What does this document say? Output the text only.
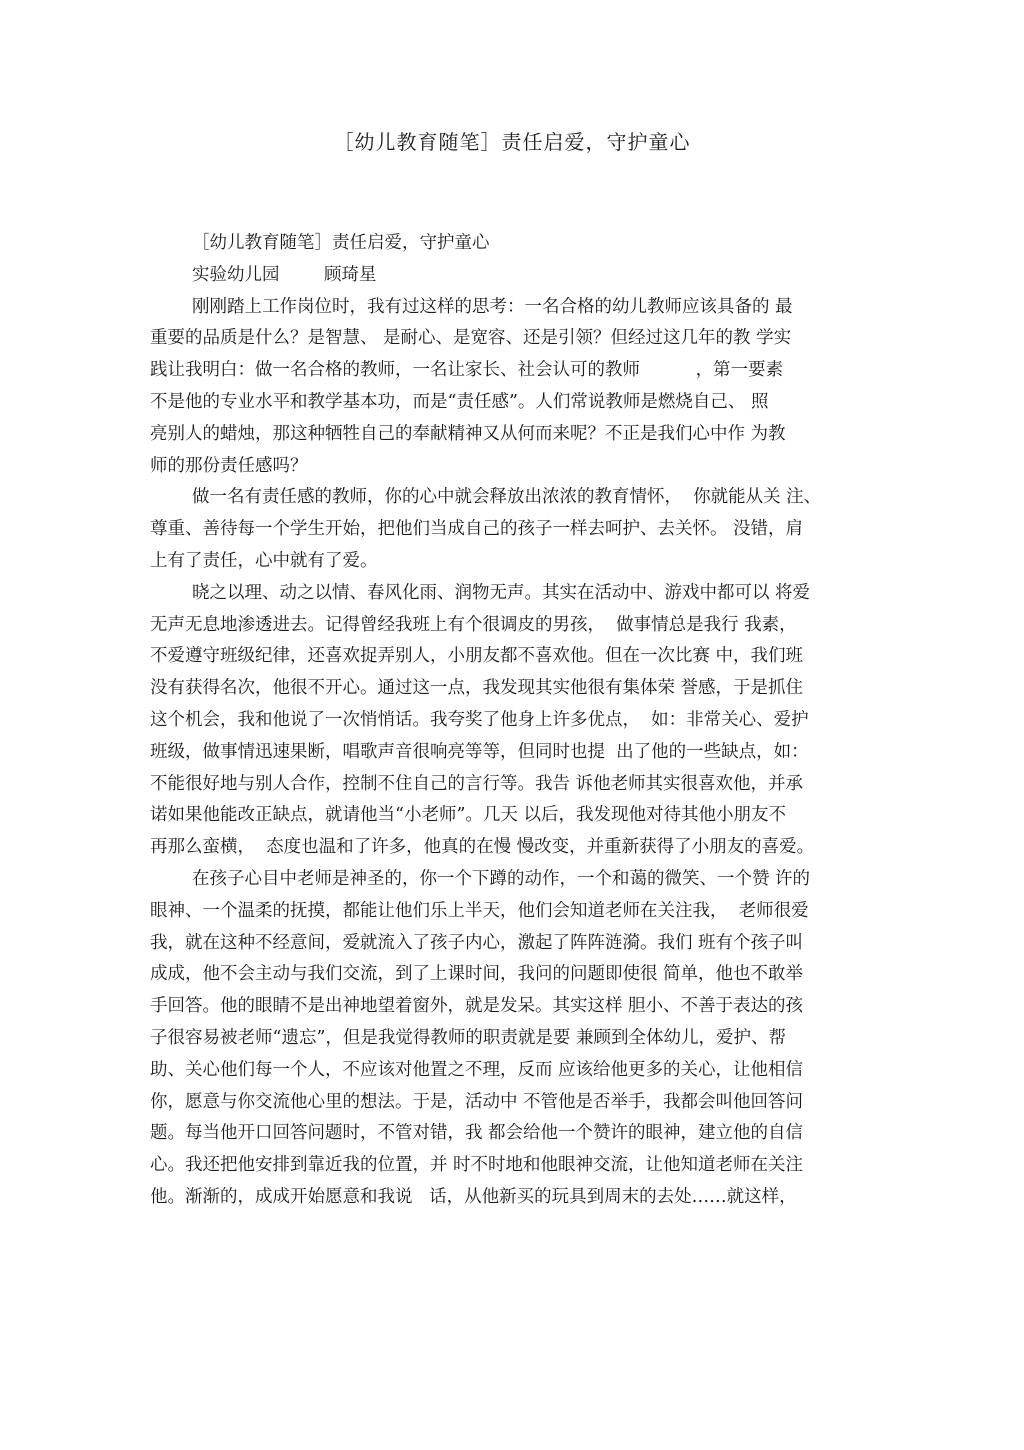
［幼儿教育随笔］责任启爱，守护童心
［幼儿教育随笔］责任启爱，守护童心
实验幼儿园        顾琦星
刚刚踏上工作岗位时，我有过这样的思考：一名合格的幼儿教师应该具备的 最
重要的品质是什么？是智慧、 是耐心、是宽容、还是引领？但经过这几年的教 学实
践让我明白：做一名合格的教师，一名让家长、社会认可的教师          ，第一要素
不是他的专业水平和教学基本功，而是“责任感”。人们常说教师是燃烧自己、 照
亮别人的蜡烛，那这种牺牲自己的奉献精神又从何而来呢？不正是我们心中作 为教
师的那份责任感吗？
做一名有责任感的教师，你的心中就会释放出浓浓的教育情怀，  你就能从关 注、
尊重、善待每一个学生开始，把他们当成自己的孩子一样去呵护、去关怀。 没错，肩
上有了责任，心中就有了爱。
晓之以理、动之以情、春风化雨、润物无声。其实在活动中、游戏中都可以 将爱
无声无息地渗透进去。记得曾经我班上有个很调皮的男孩，  做事情总是我行 我素，
不爱遵守班级纪律，还喜欢捉弄别人，小朋友都不喜欢他。但在一次比赛 中，我们班
没有获得名次，他很不开心。通过这一点，我发现其实他很有集体荣 誉感，于是抓住
这个机会，我和他说了一次悄悄话。我夸奖了他身上许多优点，  如：非常关心、爱护
班级，做事情迅速果断，唱歌声音很响亮等等，但同时也提  出了他的一些缺点，如：
不能很好地与别人合作，控制不住自己的言行等。我告 诉他老师其实很喜欢他，并承
诺如果他能改正缺点，就请他当“小老师”。几天 以后，我发现他对待其他小朋友不
再那么蛮横，  态度也温和了许多，他真的在慢 慢改变，并重新获得了小朋友的喜爱。
在孩子心目中老师是神圣的，你一个下蹲的动作，一个和蔼的微笑、一个赞 许的
眼神、一个温柔的抚摸，都能让他们乐上半天，他们会知道老师在关注我，  老师很爱
我，就在这种不经意间，爱就流入了孩子内心，激起了阵阵涟漪。我们 班有个孩子叫
成成，他不会主动与我们交流，到了上课时间，我问的问题即使很 简单，他也不敢举
手回答。他的眼睛不是出神地望着窗外，就是发呆。其实这样 胆小、不善于表达的孩
子很容易被老师“遗忘”，但是我觉得教师的职责就是要 兼顾到全体幼儿，爱护、帮
助、关心他们每一个人，不应该对他置之不理，反而 应该给他更多的关心，让他相信
你，愿意与你交流他心里的想法。于是，活动中 不管他是否举手，我都会叫他回答问
题。每当他开口回答问题时，不管对错，我 都会给他一个赞许的眼神，建立他的自信
心。我还把他安排到靠近我的位置，并 时不时地和他眼神交流，让他知道老师在关注
他。渐渐的，成成开始愿意和我说   话，从他新买的玩具到周末的去处……就这样，
